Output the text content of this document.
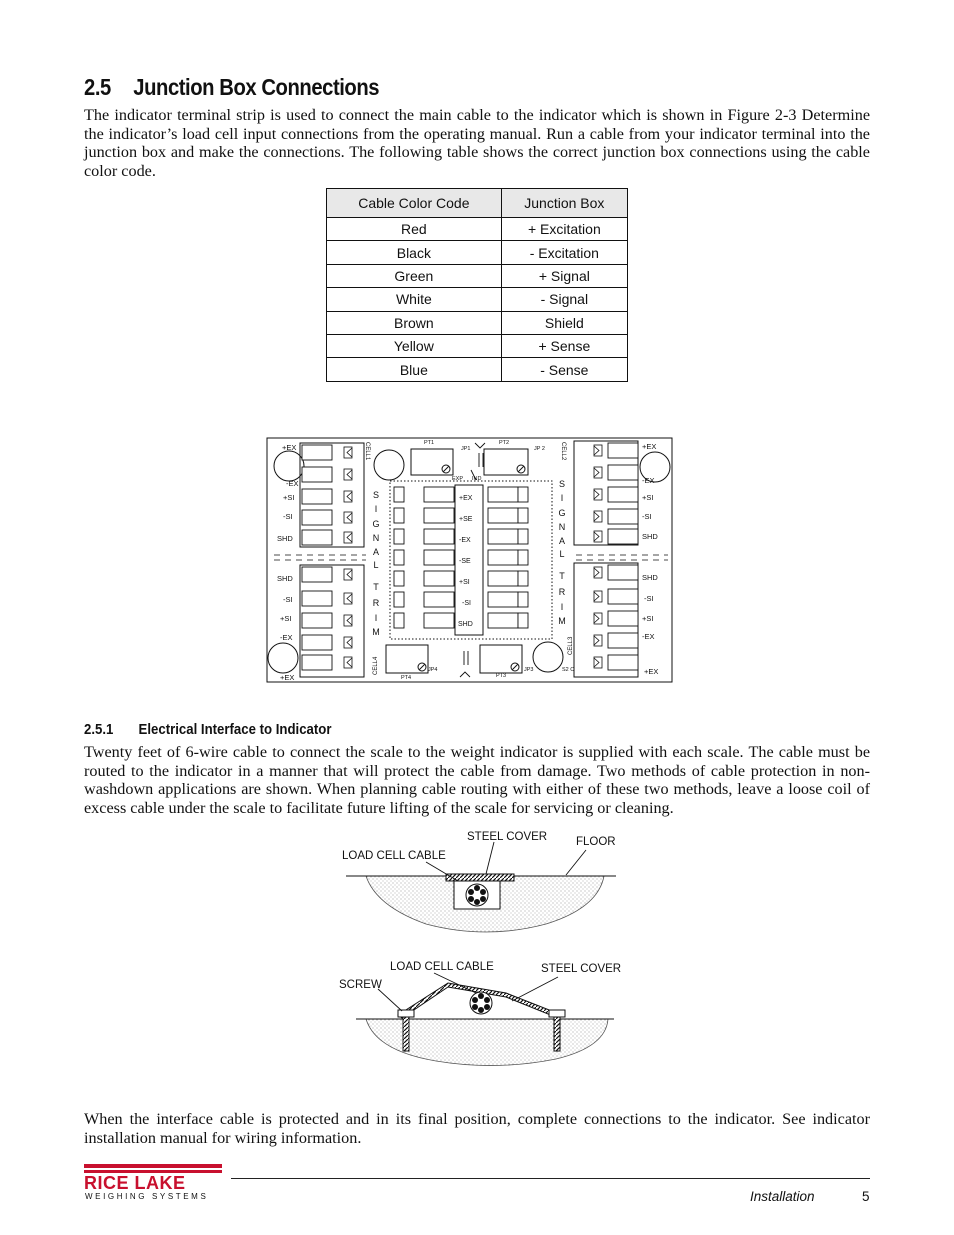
2.5 Junction Box Connections

The indicator terminal strip is used to connect the main cable to the indicator which is shown in Figure 2-3 Determine the indicator’s load cell input connections from the operating manual. Run a cable from your indicator terminal into the junction box and make the connections. The following table shows the correct junction box connections using the cable color code.

Cable Color Code	Junction Box
Red	+ Excitation
Black	- Excitation
Green	+ Signal
White	- Signal
Brown	Shield
Yellow	+ Sense
Blue	- Sense
+EX
-EX
+SI
-SI
SHD
SHD
-SI
+SI
-EX
+EX
+EX
-EX
+SI
-SI
SHD
SHD
-SI
+SI
-EX
+EX
CELL1	CELL2
CELL3
CELL4
S
I
G
N
A
L
T
R
I
M
S
I
G
N
A
L
T
R
I
M
+EX
+SE
-EX
-SE
+SI
-SI
SHD
PT1	PT2
PT4	PT3
JP1	JP 2
JP4	JP3
EXP IND
S2 C
2.5.1 Electrical Interface to Indicator

Twenty feet of 6-wire cable to connect the scale to the weight indicator is supplied with each scale. The cable must be routed to the indicator in a manner that will protect the cable from damage. Two methods of cable protection in non-washdown applications are shown. When planning cable routing with either of these two methods, leave a loose coil of excess cable under the scale to facilitate future lifting of the scale for servicing or cleaning.

STEEL COVER	FLOOR
LOAD CELL CABLE
LOAD CELL CABLE	STEEL COVER
SCREW

When the interface cable is protected and in its final position, complete connections to the indicator. See indicator installation manual for wiring information.

RICE LAKE
WEIGHING SYSTEMS	Installation	5
